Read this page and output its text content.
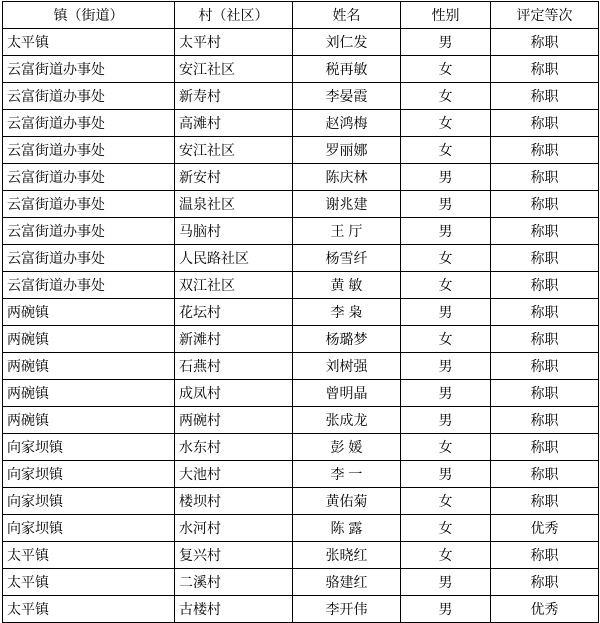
镇（街道）	村（社区）	姓名	性别	评定等次
太平镇	太平村	刘仁发	男	称职
云富街道办事处	安江社区	税再敏	女	称职
云富街道办事处	新寿村	李晏霞	女	称职
云富街道办事处	高滩村	赵鸿梅	女	称职
云富街道办事处	安江社区	罗丽娜	女	称职
云富街道办事处	新安村	陈庆林	男	称职
云富街道办事处	温泉社区	谢兆建	男	称职
云富街道办事处	马脑村	王 厅	男	称职
云富街道办事处	人民路社区	杨雪纤	女	称职
云富街道办事处	双江社区	黄 敏	女	称职
两碗镇	花坛村	李 枭	男	称职
两碗镇	新滩村	杨璐梦	女	称职
两碗镇	石燕村	刘树强	男	称职
两碗镇	成凤村	曾明晶	男	称职
两碗镇	两碗村	张成龙	男	称职
向家坝镇	水东村	彭 媛	女	称职
向家坝镇	大池村	李 一	男	称职
向家坝镇	楼坝村	黄佑菊	女	称职
向家坝镇	水河村	陈 露	女	优秀
太平镇	复兴村	张晓红	女	称职
太平镇	二溪村	骆建红	男	称职
太平镇	古楼村	李开伟	男	优秀
